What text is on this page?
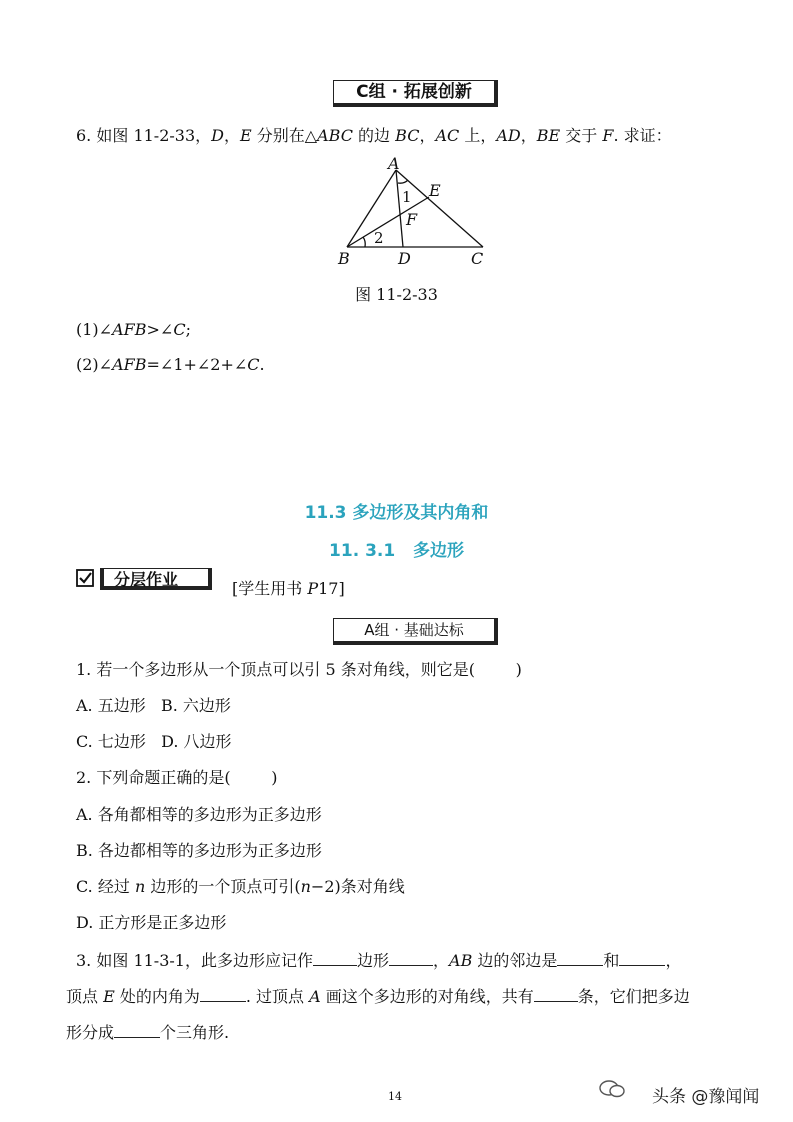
C组 · 拓展创新
6. 如图 11-2-33，D，E 分别在△ABC 的边 BC，AC 上，AD，BE 交于 F. 求证：
A
B	C
D
E
F
1
2
图 11-2-33
(1)∠AFB>∠C;
(2)∠AFB=∠1+∠2+∠C.
11.3 多边形及其内角和
11. 3.1   多边形
分层作业	[学生用书 P17]
A组 · 基础达标
1. 若一个多边形从一个顶点可以引 5 条对角线，则它是(        )
A. 五边形   B. 六边形
C. 七边形   D. 八边形
2. 下列命题正确的是(        )
A. 各角都相等的多边形为正多边形
B. 各边都相等的多边形为正多边形
C. 经过 n 边形的一个顶点可引(n−2)条对角线
D. 正方形是正多边形
3. 如图 11-3-1，此多边形应记作	边形	，AB 边的邻边是	和	，
顶点 E 处的内角为	. 过顶点 A 画这个多边形的对角线，共有	条，它们把多边
形分成	个三角形.
14	头条 @豫闻闻
